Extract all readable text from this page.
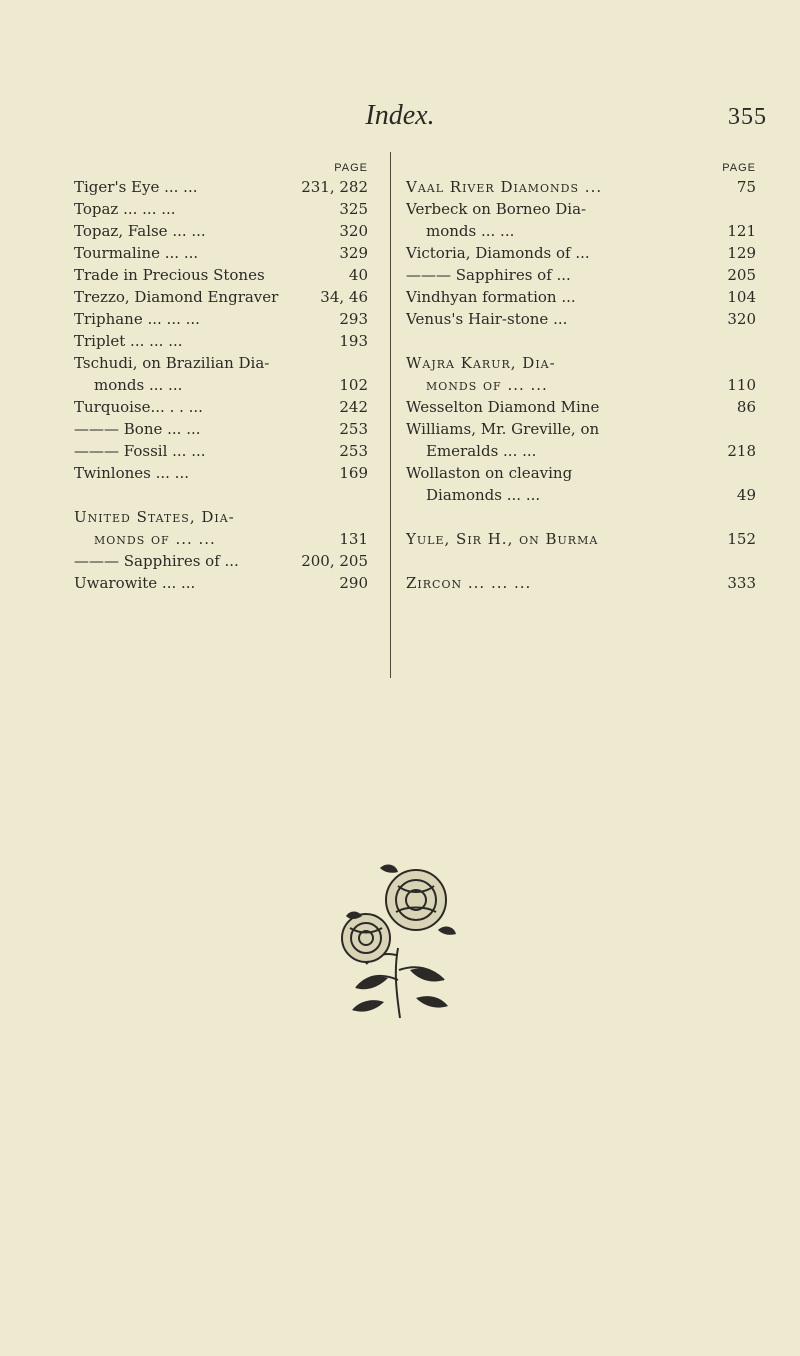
Index.	355
PAGE
Tiger's Eye ... ...	231, 282
Topaz ... ... ...	325
Topaz, False ... ...	320
Tourmaline ... ...	329
Trade in Precious Stones	40
Trezzo, Diamond Engraver	34, 46
Triphane ... ... ...	293
Triplet ... ... ...	193
Tschudi, on Brazilian Dia-
monds ... ...	102
Turquoise... . . ...	242
——— Bone ... ...	253
——— Fossil ... ...	253
Twinlones ... ...	169
United States, Dia-
monds of ... ...	131
——— Sapphires of ...	200, 205
Uwarowite ... ...	290
PAGE
Vaal River Diamonds ...	75
Verbeck on Borneo Dia-
monds ... ...	121
Victoria, Diamonds of ...	129
——— Sapphires of ...	205
Vindhyan formation ...	104
Venus's Hair-stone ...	320
Wajra Karur, Dia-
monds of ... ...	110
Wesselton Diamond Mine	86
Williams, Mr. Greville, on
Emeralds ... ...	218
Wollaston on cleaving
Diamonds ... ...	49
Yule, Sir H., on Burma	152
Zircon ... ... ...	333
